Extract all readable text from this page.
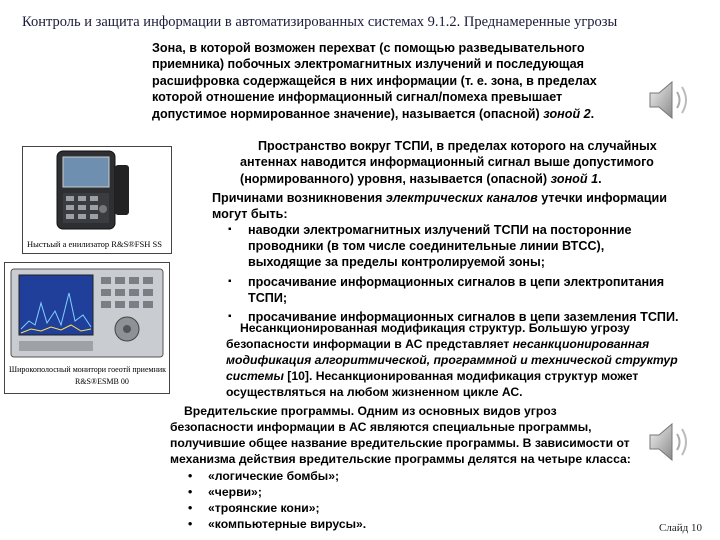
Контроль и защита информации в автоматизированных системах 9.1.2. Преднамеренные угрозы

Зона, в которой возможен перехват (с помощью разведывательного приемника) побочных электромагнитных излучений и последующая расшифровка содержащейся в них информации (т. е. зона, в пределах которой отношение информационный сигнал/помеха превышает допустимое нормированное значение), называется (опасной) зоной 2.

Пространство вокруг ТСПИ, в пределах которого на случайных антеннах наводится информационный сигнал выше допустимого (нормированного) уровня, называется (опасной) зоной 1.

Причинами возникновения электрических каналов утечки информации могут быть:

▪ наводки электромагнитных излучений ТСПИ на посторонние проводники (в том числе соединительные линии ВТСС), выходящие за пределы контролируемой зоны;
▪ просачивание информационных сигналов в цепи электропитания ТСПИ;
▪ просачивание информационных сигналов в цепи заземления ТСПИ.

Несанкционированная модификация структур. Большую угрозу безопасности информации в АС представляет несанкционированная модификация алгоритмической, программной и технической структур системы [10]. Несанкционированная модификация структур может осуществляться на любом жизненном цикле АС.

Вредительские программы. Одним из основных видов угроз безопасности информации в АС являются специальные программы, получившие общее название вредительские программы. В зависимости от механизма действия вредительские программы делятся на четыре класса:

• «логические бомбы»;
• «черви»;
• «троянские кони»;
• «компьютерные вирусы».
Ныстьый а енилизатор R&S®FSH SS
Широкополосный монитори гоеотй приемник
R&S®ESMB 00
Слайд 10
